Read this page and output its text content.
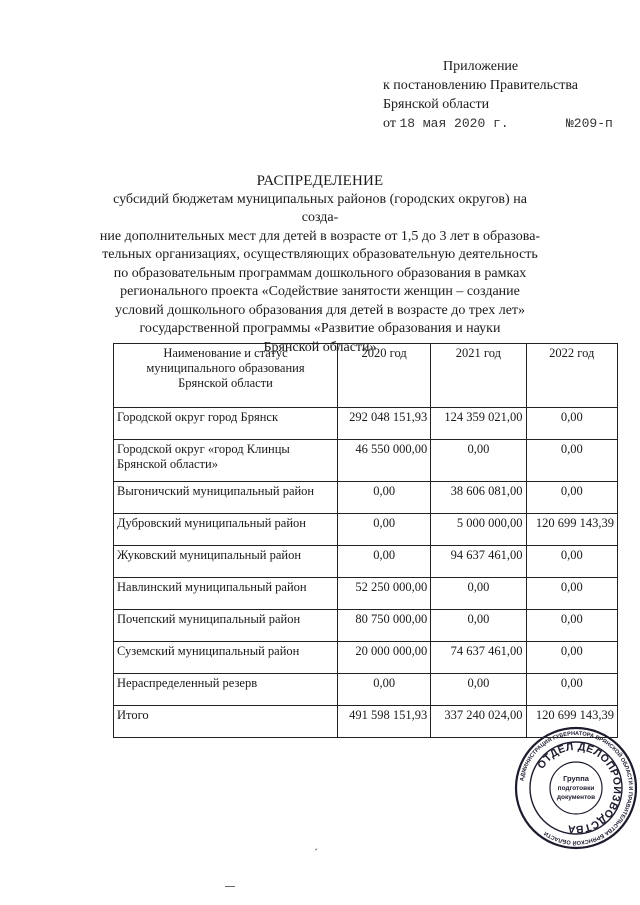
Приложение
к постановлению Правительства
Брянской области
от 18 мая 2020 г.	№209-п
РАСПРЕДЕЛЕНИЕ
субсидий бюджетам муниципальных районов (городских округов) на созда-
ние дополнительных мест для детей в возрасте от 1,5 до 3 лет в образова-
тельных организациях, осуществляющих образовательную деятельность
по образовательным программам дошкольного образования в рамках
регионального проекта «Содействие занятости женщин – создание
условий дошкольного образования для детей в возрасте до трех лет»
государственной программы «Развитие образования и науки
Брянской области»
Наименование и статус
муниципального образования
Брянской области	2020 год	2021 год	2022 год
Городской округ город Брянск	292 048 151,93	124 359 021,00	0,00
Городской округ «город Клинцы Брянской области»	46 550 000,00	0,00	0,00
Выгоничский муниципальный район	0,00	38 606 081,00	0,00
Дубровский муниципальный район	0,00	5 000 000,00	120 699 143,39
Жуковский муниципальный район	0,00	94 637 461,00	0,00
Навлинский муниципальный район	52 250 000,00	0,00	0,00
Почепский муниципальный район	80 750 000,00	0,00	0,00
Суземский муниципальный район	20 000 000,00	74 637 461,00	0,00
Нераспределенный резерв	0,00	0,00	0,00
Итого	491 598 151,93	337 240 024,00	120 699 143,39
АДМИНИСТРАЦИЯ ГУБЕРНАТОРА БРЯНСКОЙ ОБЛАСТИ И ПРАВИТЕЛЬСТВА БРЯНСКОЙ ОБЛАСТИ
ОТДЕЛ ДЕЛОПРОИЗВОДСТВА
Группа
подготовки
документов
ˊ
